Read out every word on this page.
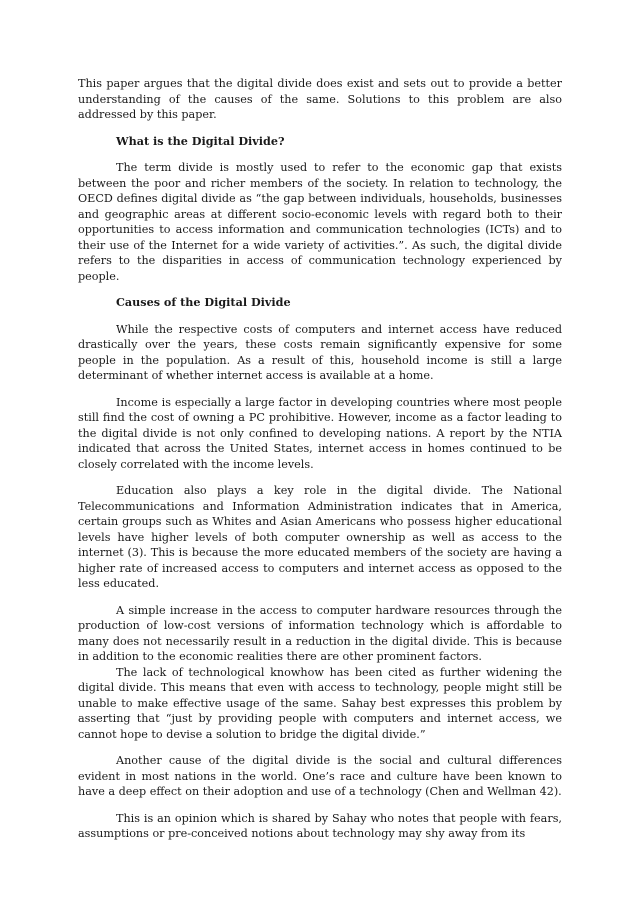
This paper argues that the digital divide does exist and sets out to provide a better understanding of the causes of the same. Solutions to this problem are also addressed by this paper.

What is the Digital Divide?

The term divide is mostly used to refer to the economic gap that exists between the poor and richer members of the society. In relation to technology, the OECD defines digital divide as “the gap between individuals, households, businesses and geographic areas at different socio-economic levels with regard both to their opportunities to access information and communication technologies (ICTs) and to their use of the Internet for a wide variety of activities.”. As such, the digital divide refers to the disparities in access of communication technology experienced by people.

Causes of the Digital Divide

While the respective costs of computers and internet access have reduced drastically over the years, these costs remain significantly expensive for some people in the population. As a result of this, household income is still a large determinant of whether internet access is available at a home.

Income is especially a large factor in developing countries where most people still find the cost of owning a PC prohibitive. However, income as a factor leading to the digital divide is not only confined to developing nations. A report by the NTIA indicated that across the United States, internet access in homes continued to be closely correlated with the income levels.

Education also plays a key role in the digital divide. The National Telecommunications and Information Administration indicates that in America, certain groups such as Whites and Asian Americans who possess higher educational levels have higher levels of both computer ownership as well as access to the internet (3). This is because the more educated members of the society are having a higher rate of increased access to computers and internet access as opposed to the less educated.

A simple increase in the access to computer hardware resources through the production of low-cost versions of information technology which is affordable to many does not necessarily result in a reduction in the digital divide. This is because in addition to the economic realities there are other prominent factors.

The lack of technological knowhow has been cited as further widening the digital divide. This means that even with access to technology, people might still be unable to make effective usage of the same. Sahay best expresses this problem by asserting that “just by providing people with computers and internet access, we cannot hope to devise a solution to bridge the digital divide.”

Another cause of the digital divide is the social and cultural differences evident in most nations in the world. One’s race and culture have been known to have a deep effect on their adoption and use of a technology (Chen and Wellman 42).

This is an opinion which is shared by Sahay who notes that people with fears, assumptions or pre-conceived notions about technology may shy away from its
